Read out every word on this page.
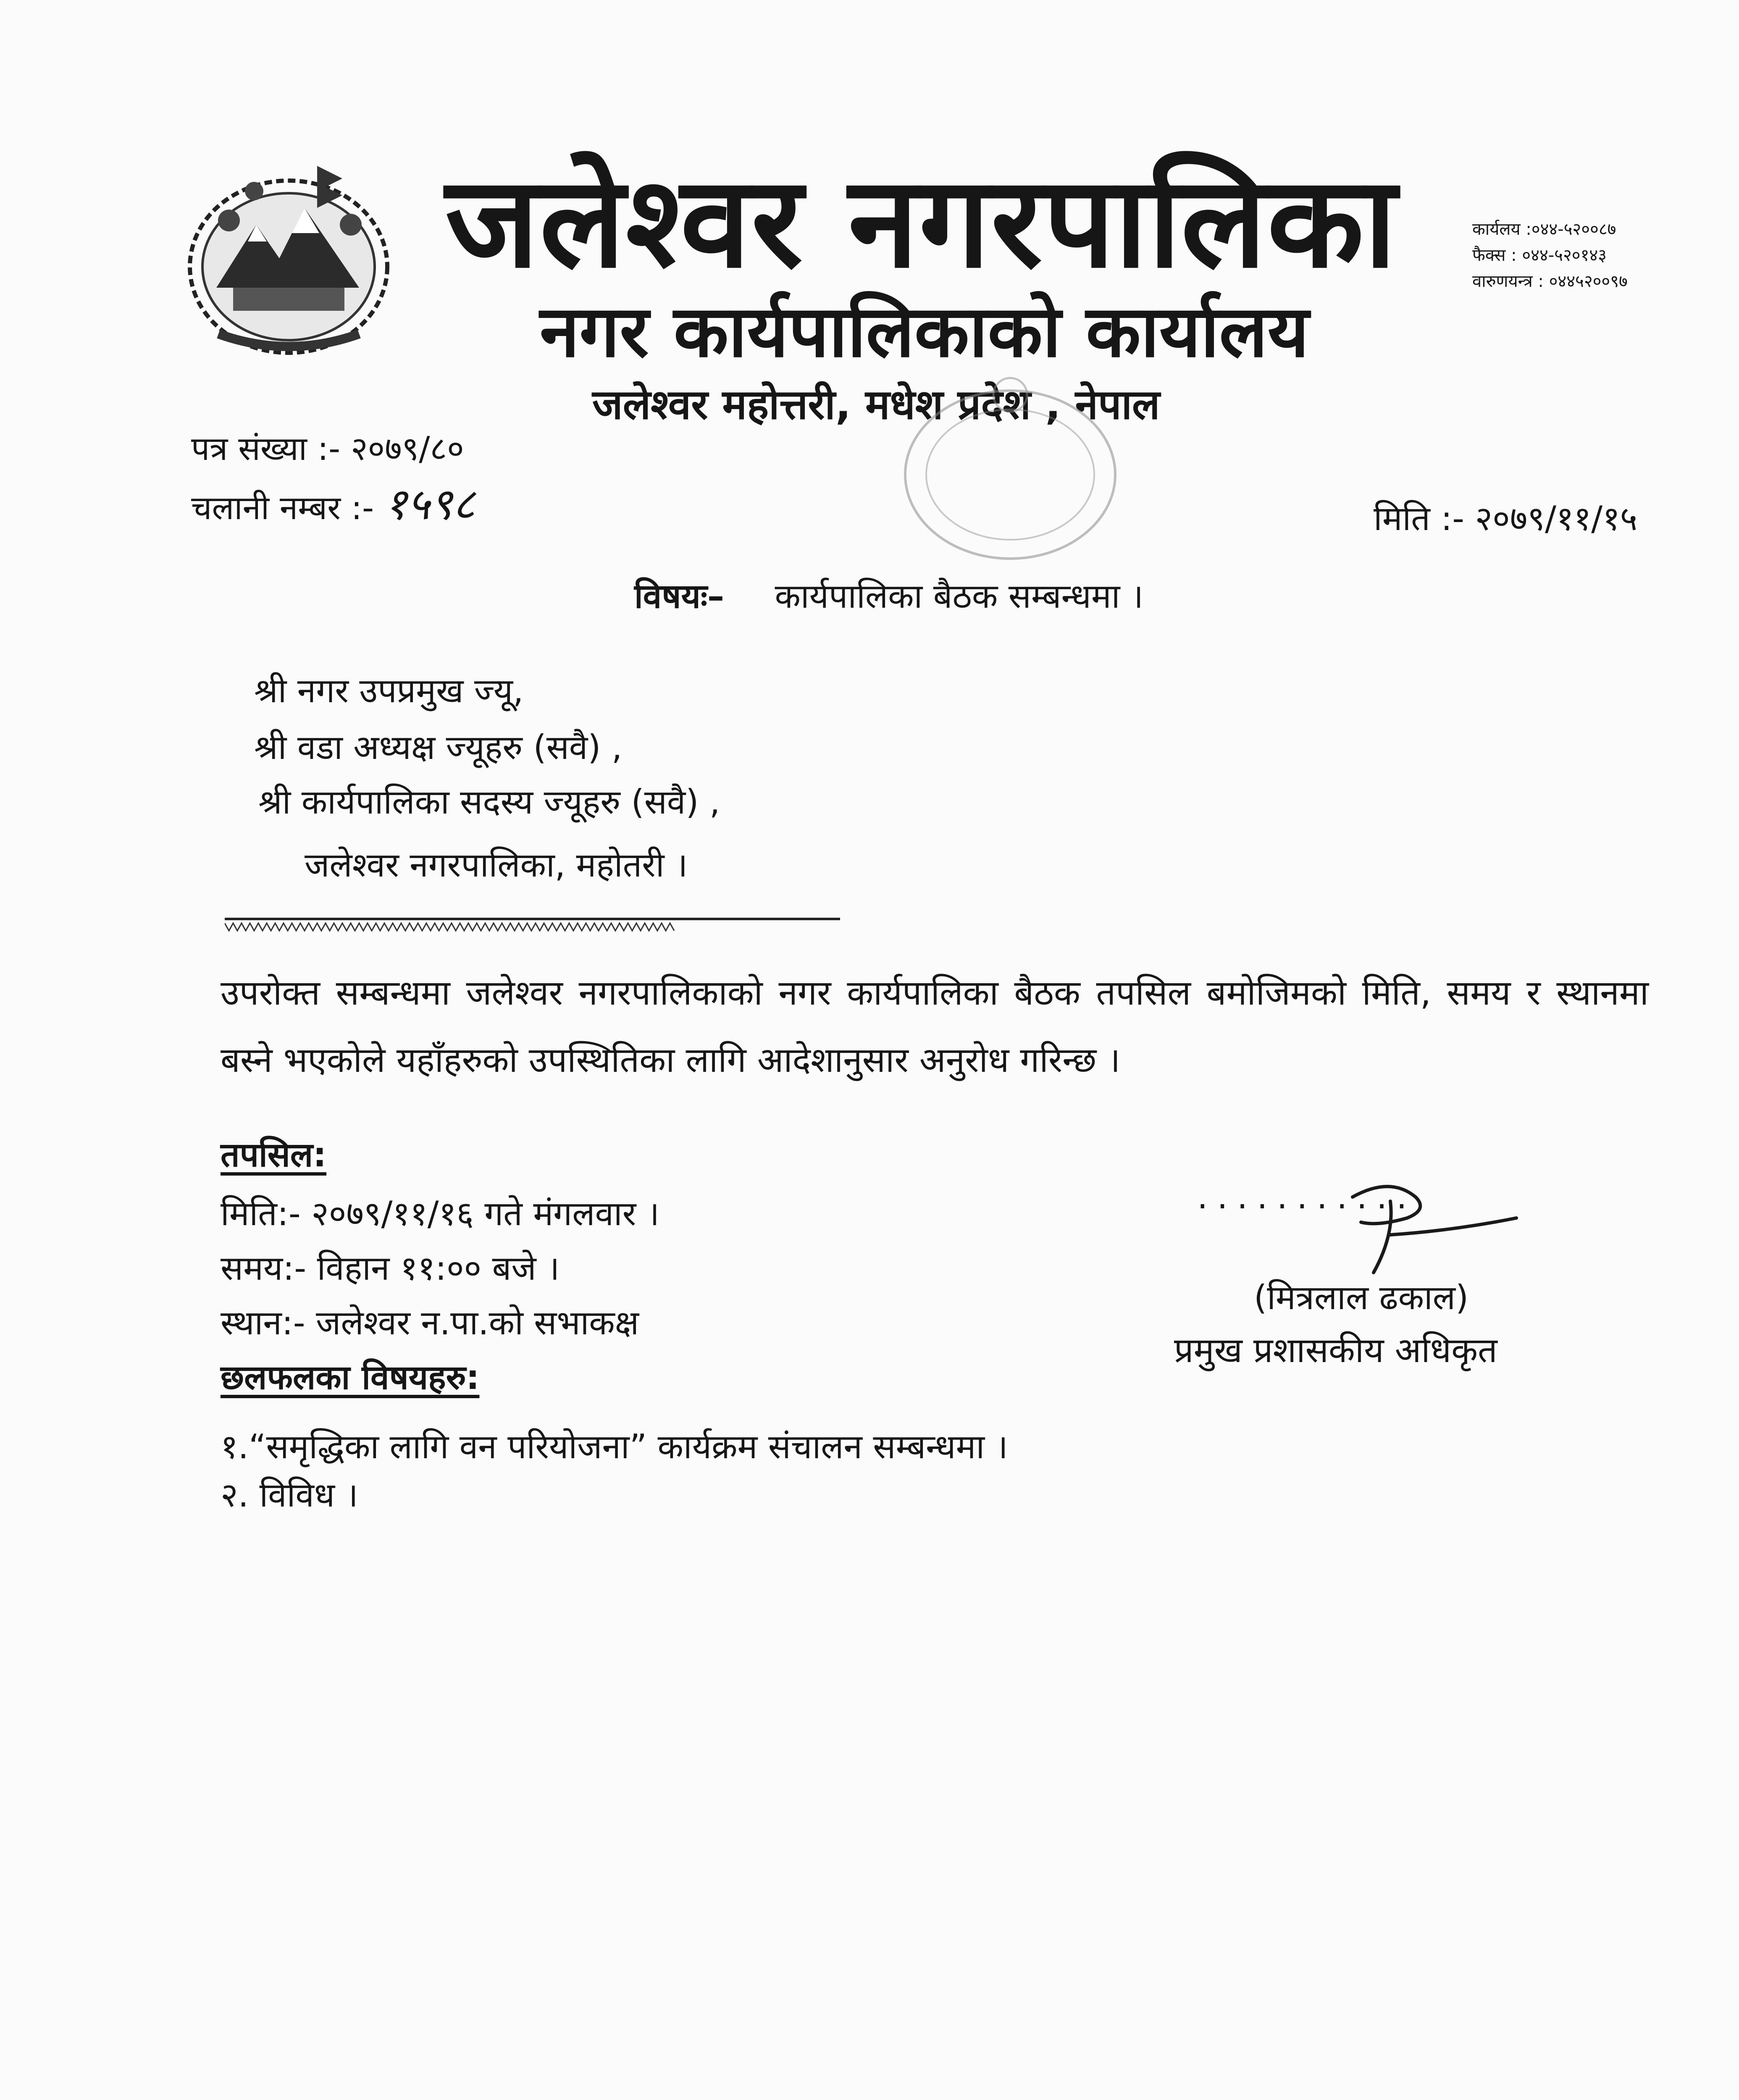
जलेश्वर नगरपालिका
नगर कार्यपालिकाको कार्यालय
जलेश्वर महोत्तरी, मधेश प्रदेश , नेपाल
कार्यलय :०४४-५२००८७
फैक्स : ०४४-५२०१४३
वारुणयन्त्र : ०४४५२००९७
पत्र संख्या :- २०७९/८०
चलानी नम्बर :- १५९८	मिति :- २०७९/११/१५
विषयः– कार्यपालिका बैठक सम्बन्धमा ।
श्री नगर उपप्रमुख ज्यू,
श्री वडा अध्यक्ष ज्यूहरु (सवै) ,
श्री कार्यपालिका सदस्य ज्यूहरु (सवै) ,
जलेश्वर नगरपालिका, महोतरी ।
उपरोक्त सम्बन्धमा जलेश्वर नगरपालिकाको नगर कार्यपालिका बैठक तपसिल बमोजिमको मिति, समय र स्थानमा बस्ने भएकोले यहाँहरुको उपस्थितिका लागि आदेशानुसार अनुरोध गरिन्छ ।
तपसिल:
मिति:- २०७९/११/१६ गते मंगलवार ।
समय:- विहान ११:०० बजे ।
स्थान:- जलेश्वर न.पा.को सभाकक्ष
छलफलका विषयहरु:
१.“समृद्धिका लागि वन परियोजना” कार्यक्रम संचालन सम्बन्धमा ।
२. विविध ।
...........
(मित्रलाल ढकाल)
प्रमुख प्रशासकीय अधिकृत
